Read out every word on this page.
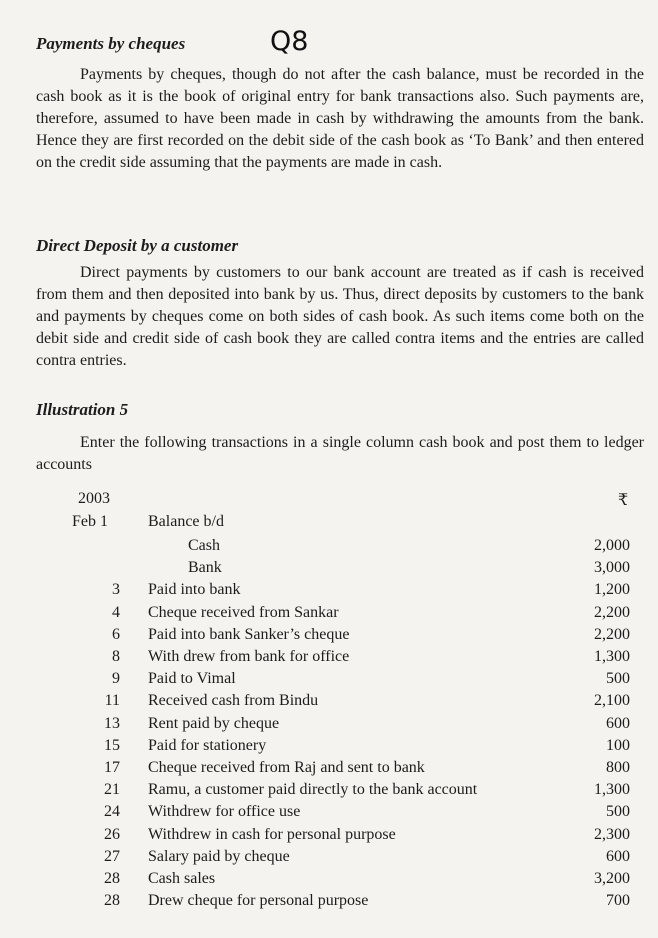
Payments by cheques	Q8
Payments by cheques, though do not after the cash balance, must be recorded in the cash book as it is the book of original entry for bank transactions also. Such payments are, therefore, assumed to have been made in cash by withdrawing the amounts from the bank. Hence they are first recorded on the debit side of the cash book as ‘To Bank’ and then entered on the credit side assuming that the payments are made in cash.
Direct Deposit by a customer
Direct payments by customers to our bank account are treated as if cash is received from them and then deposited into bank by us. Thus, direct deposits by customers to the bank and payments by cheques come on both sides of cash book. As such items come both on the debit side and credit side of cash book they are called contra items and the entries are called contra entries.
Illustration 5
Enter the following transactions in a single column cash book and post them to ledger accounts
2003	₹
Feb 1	Balance b/d
Cash	2,000
Bank	3,000
3 Paid into bank	1,200
4 Cheque received from Sankar	2,200
6 Paid into bank Sanker’s cheque	2,200
8 With drew from bank for office	1,300
9 Paid to Vimal	500
11 Received cash from Bindu	2,100
13 Rent paid by cheque	600
15 Paid for stationery	100
17 Cheque received from Raj and sent to bank	800
21 Ramu, a customer paid directly to the bank account	1,300
24 Withdrew for office use	500
26 Withdrew in cash for personal purpose	2,300
27 Salary paid by cheque	600
28 Cash sales	3,200
28 Drew cheque for personal purpose	700
